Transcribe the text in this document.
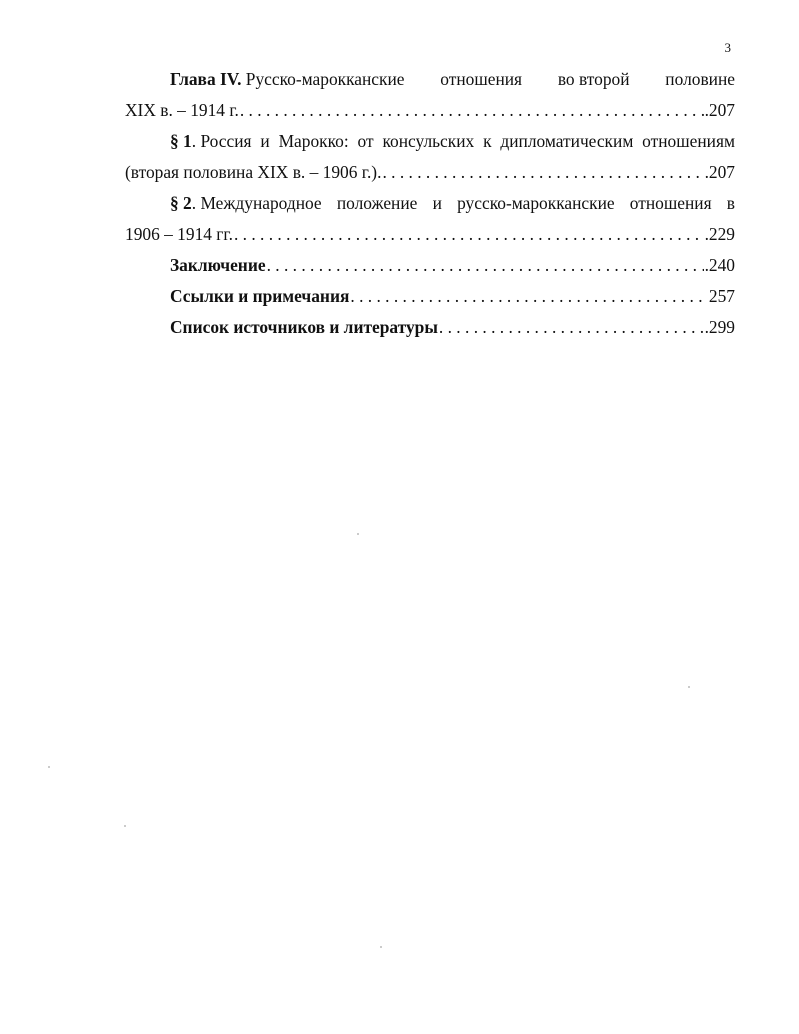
3
Глава IV. Русско-марокканские отношения во второй половине
XIX в. – 1914 г. . . .	.207
§ 1. Россия и Марокко: от консульских к дипломатическим отношениям
(вторая половина XIX в. – 1906 г.). . . .	.207
§ 2. Международное положение и русско-марокканские отношения в
1906 – 1914 гг. . . .	.229
Заключение . . .	.240
Ссылки и примечания . . .	257
Список источников и литературы . . .	.299
